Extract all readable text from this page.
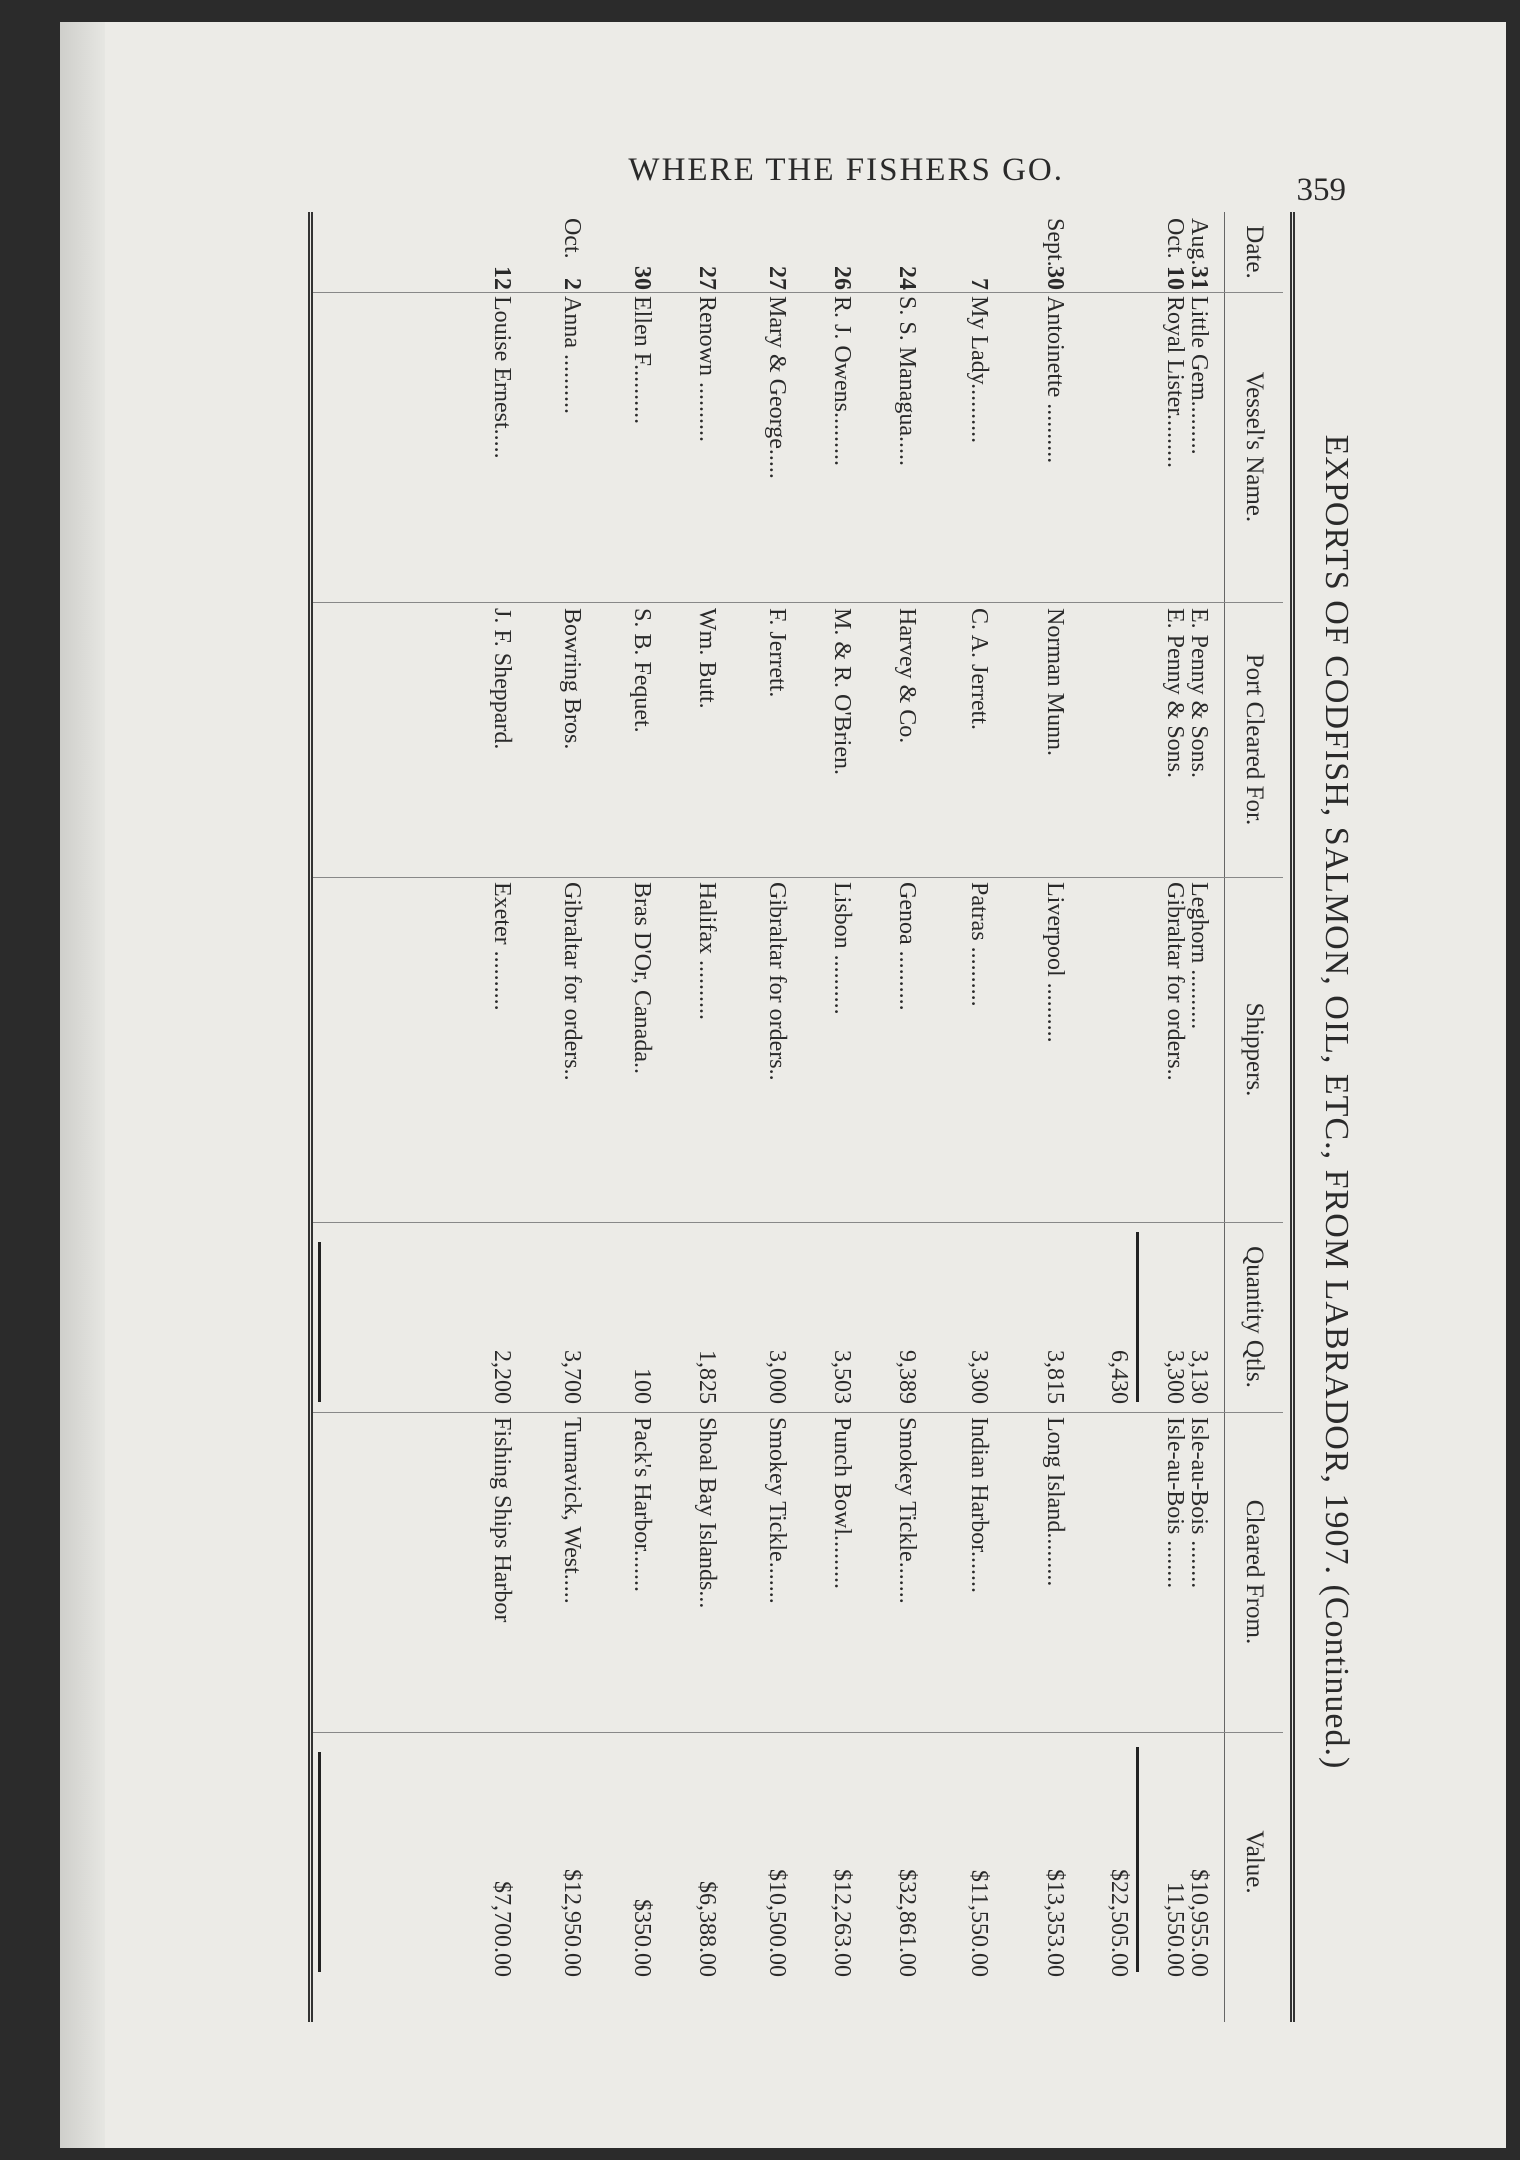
WHERE THE FISHERS GO.
359
EXPORTS OF CODFISH, SALMON, OIL, ETC., FROM LABRADOR, 1907. (Continued.)
Date.
Vessel's Name.
Port Cleared For.
Shippers.
Quantity Qtls.
Cleared From.
Value.
Aug.
31
Little Gem.........
E. Penny & Sons.
Leghorn ..........
3,130
Isle-au-Bois ........
$10,955.00
Oct.
10
Royal Lister.........
E. Penny & Sons.
Gibraltar for orders..
3,300
Isle-au-Bois ........
11,550.00
6,430
$22,505.00
Sept.
30
Antoinette ..........
Norman Munn.
Liverpool ..........
3,815
Long Island.........
$13,353.00
7
My Lady..........
C. A. Jerrett.
Patras ..........
3,300
Indian Harbor.......
$11,550.00
24
S. S. Managua.....
Harvey & Co.
Genoa ..........
9,389
Smokey Tickle.......
$32,861.00
26
R. J. Owens.........
M. & R. O'Brien.
Lisbon ..........
3,503
Punch Bowl.........
$12,263.00
27
Mary & George.....
F. Jerrett.
Gibraltar for orders..
3,000
Smokey Tickle.......
$10,500.00
27
Renown ..........
Wm. Butt.
Halifax ..........
1,825
Shoal Bay Islands...
$6,388.00
30
Ellen F..........
S. B. Fequet.
Bras D'Or, Canada..
100
Pack's Harbor.......
$350.00
Oct.
2
Anna ..........
Bowring Bros.
Gibraltar for orders..
3,700
Turnavick, West.....
$12,950.00
12
Louise Ernest.....
J. F. Sheppard.
Exeter ..........
2,200
Fishing Ships Harbor
$7,700.00
